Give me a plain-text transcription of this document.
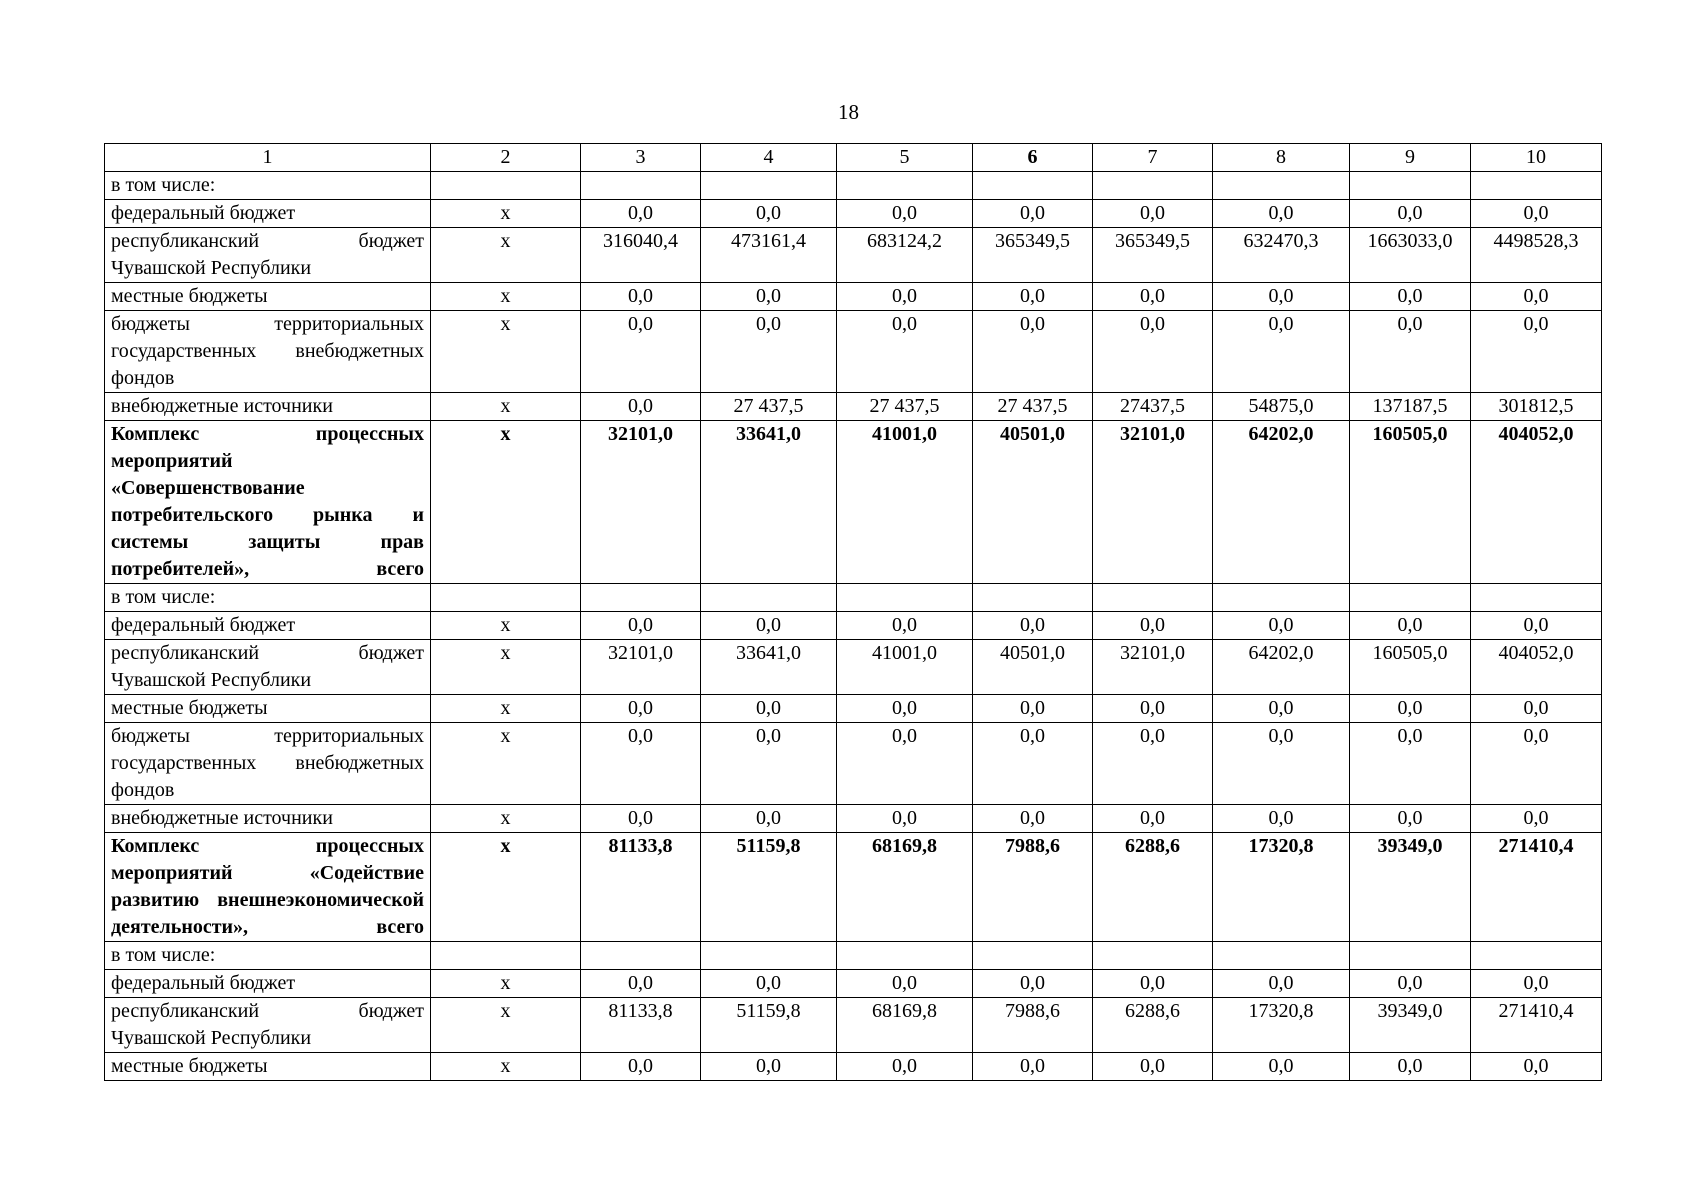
18
1	2	3	4	5	6	7	8	9	10
в том числе:									
федеральный бюджет	х	0,0	0,0	0,0	0,0	0,0	0,0	0,0	0,0
республиканский бюджет Чувашской Республики	х	316040,4	473161,4	683124,2	365349,5	365349,5	632470,3	1663033,0	4498528,3
местные бюджеты	х	0,0	0,0	0,0	0,0	0,0	0,0	0,0	0,0
бюджеты территориальных государственных внебюджетных фондов	х	0,0	0,0	0,0	0,0	0,0	0,0	0,0	0,0
внебюджетные источники	х	0,0	27 437,5	27 437,5	27 437,5	27437,5	54875,0	137187,5	301812,5
Комплекс процессных мероприятий «Совершенствование потребительского рынка и системы защиты прав потребителей», всего	х	32101,0	33641,0	41001,0	40501,0	32101,0	64202,0	160505,0	404052,0
в том числе:									
федеральный бюджет	х	0,0	0,0	0,0	0,0	0,0	0,0	0,0	0,0
республиканский бюджет Чувашской Республики	х	32101,0	33641,0	41001,0	40501,0	32101,0	64202,0	160505,0	404052,0
местные бюджеты	х	0,0	0,0	0,0	0,0	0,0	0,0	0,0	0,0
бюджеты территориальных государственных внебюджетных фондов	х	0,0	0,0	0,0	0,0	0,0	0,0	0,0	0,0
внебюджетные источники	х	0,0	0,0	0,0	0,0	0,0	0,0	0,0	0,0
Комплекс процессных мероприятий «Содействие развитию внешнеэкономической деятельности», всего	х	81133,8	51159,8	68169,8	7988,6	6288,6	17320,8	39349,0	271410,4
в том числе:									
федеральный бюджет	х	0,0	0,0	0,0	0,0	0,0	0,0	0,0	0,0
республиканский бюджет Чувашской Республики	х	81133,8	51159,8	68169,8	7988,6	6288,6	17320,8	39349,0	271410,4
местные бюджеты	х	0,0	0,0	0,0	0,0	0,0	0,0	0,0	0,0
